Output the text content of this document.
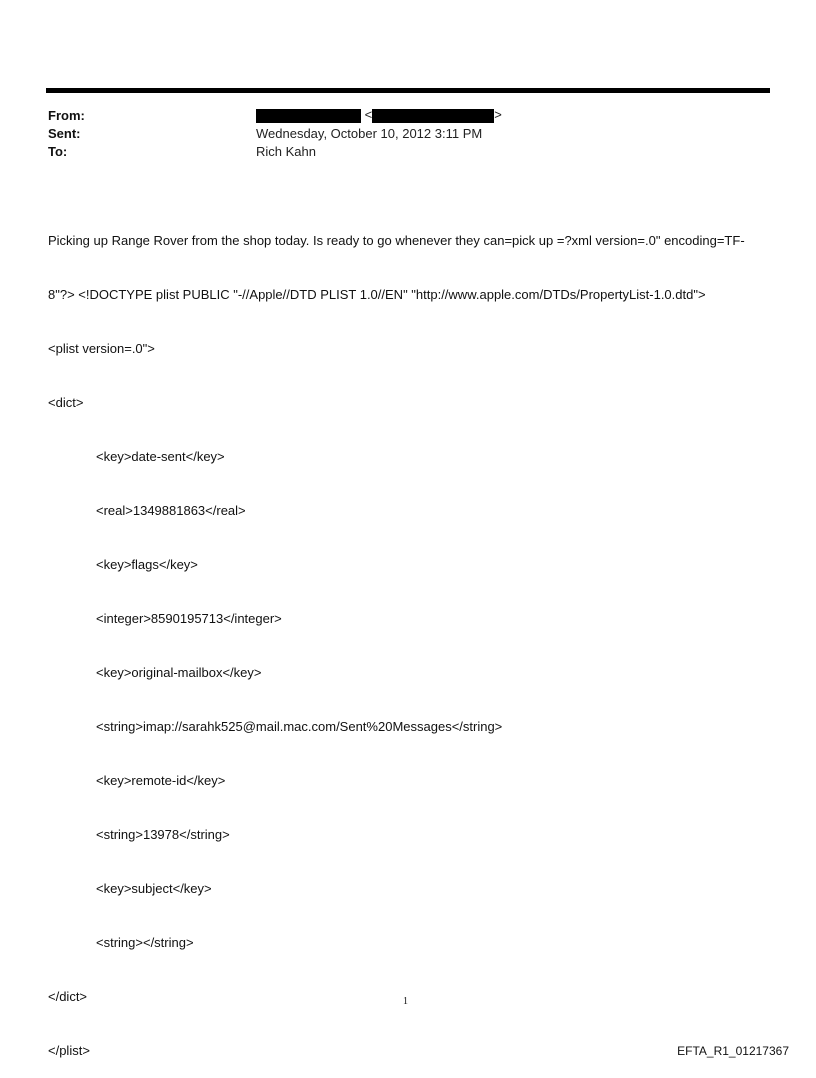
From:
Sent:
To:
<	>
Wednesday, October 10, 2012 3:11 PM
Rich Kahn

Picking up Range Rover from the shop today. Is ready to go whenever they can=pick up =?xml version=.0" encoding=TF-

8"?> <!DOCTYPE plist PUBLIC "-//Apple//DTD PLIST 1.0//EN" "http://www.apple.com/DTDs/PropertyList-1.0.dtd">

<plist version=.0">

<dict>

<key>date-sent</key>

<real>1349881863</real>

<key>flags</key>

<integer>8590195713</integer>

<key>original-mailbox</key>

<string>imap://sarahk525@mail.mac.com/Sent%20Messages</string>

<key>remote-id</key>

<string>13978</string>

<key>subject</key>

<string></string>

</dict>

</plist>

1
EFTA_R1_01217367
